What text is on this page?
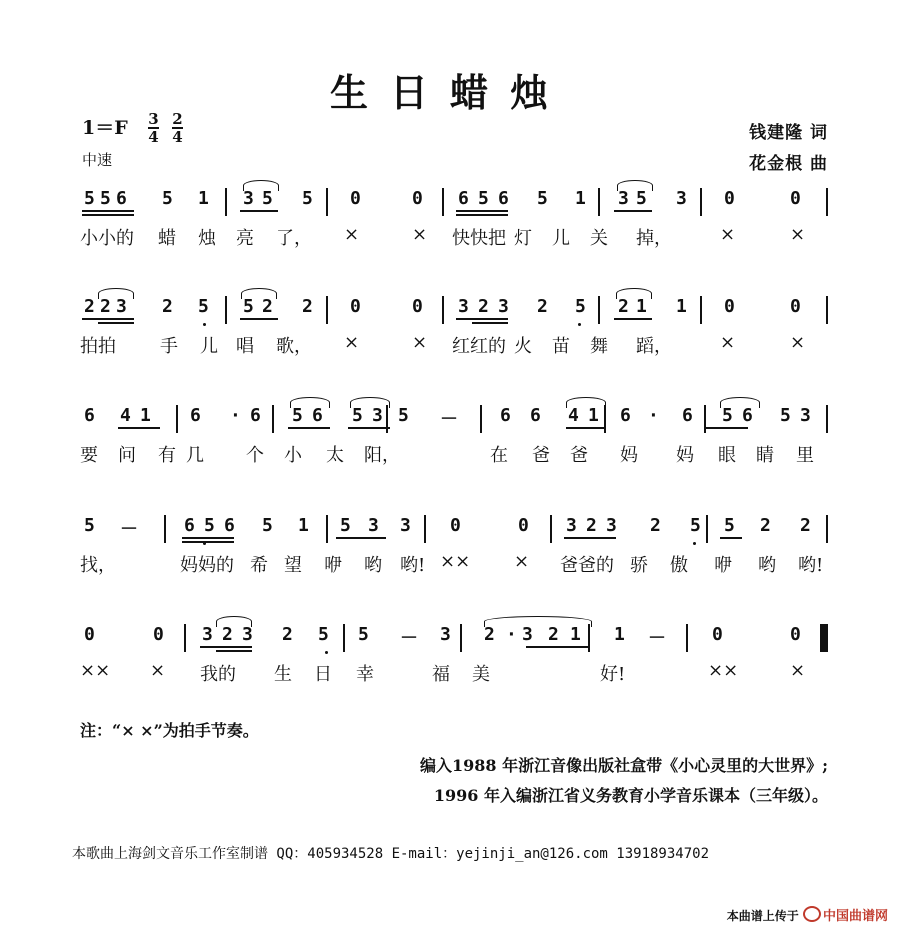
生日蜡烛
1＝F 3
4
2
4
中速
钱建隆 词
花金根 曲
5 5 6 5 1 3 5 5 0	0 6 5 6 5 1 3 5 3 0	0
小小的 蜡 烛 亮 了， ×	× 快快把 灯 儿 关 掉，	×	×
2 2 3 2 5 5 2 2 0	0 3 2 3 2 5 2 1 1 0	0
拍拍 手 儿 唱 歌， ×	× 红红的 火 苗 舞 蹈，	×	×
6 4 1 6 · 6 5 6 5 3 5 － 6 6 4 1 6 · 6 5 6 5 3
要 问 有 几 个 小 太 阳，	在 爸 爸 妈 妈 眼 睛 里
5 －	6 5 6 5 1 5 3 3 0	0 3 2 3 2 5 5 2 2
找，	妈妈的 希 望 咿 哟 哟! ×× × 爸爸的 骄 傲 咿 哟 哟!
0	0 3 2 3 2 5 5 － 3 2 · 3 2 1 1 －	0	0
×× × 我的 生 日 幸	福 美	好!	××	×
注：“× ×”为拍手节奏。
编入1988 年浙江音像出版社盒带《小心灵里的大世界》;
1996 年入编浙江省义务教育小学音乐课本（三年级）。
本歌曲上海剑文音乐工作室制谱 QQ：405934528 E-mail：yejinji_an@126.com 13918934702
本曲谱上传于 中国曲谱网
